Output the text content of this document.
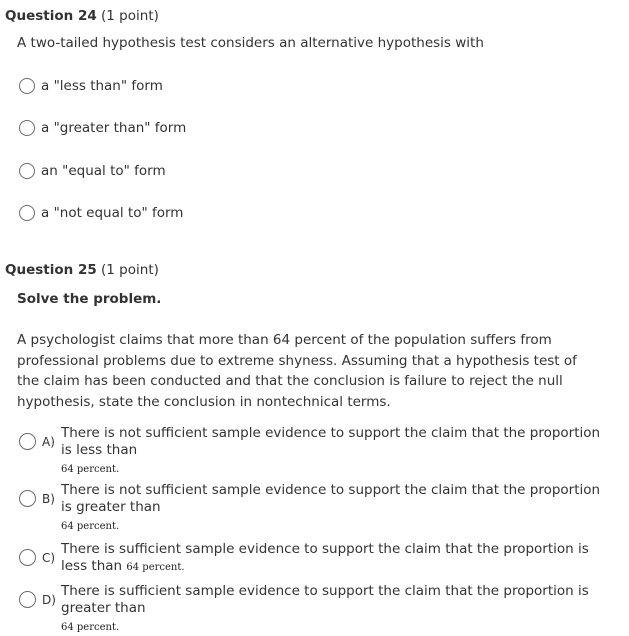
Question 24 (1 point)
A two-tailed hypothesis test considers an alternative hypothesis with
a "less than" form
a "greater than" form
an "equal to" form
a "not equal to" form
Question 25 (1 point)
Solve the problem.
A psychologist claims that more than 64 percent of the population suffers from professional problems due to extreme shyness. Assuming that a hypothesis test of the claim has been conducted and that the conclusion is failure to reject the null hypothesis, state the conclusion in nontechnical terms.
A)
There is not sufficient sample evidence to support the claim that the proportion is less than
64 percent.
B)
There is not sufficient sample evidence to support the claim that the proportion is greater than
64 percent.
C)
There is sufficient sample evidence to support the claim that the proportion is less than 64 percent.
D)
There is sufficient sample evidence to support the claim that the proportion is greater than
64 percent.
